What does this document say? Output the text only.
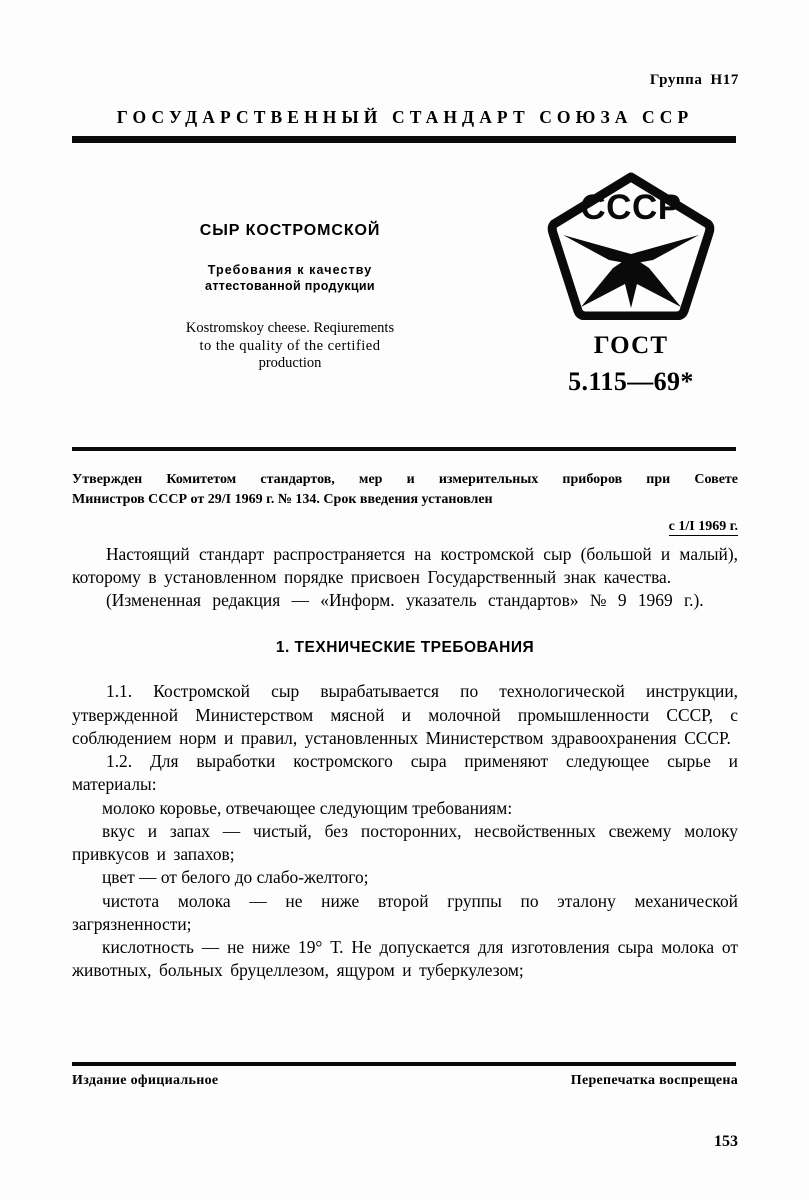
Группа H17
ГОСУДАРСТВЕННЫЙ СТАНДАРТ СОЮЗА ССР
СЫР КОСТРОМСКОЙ
Требования к качеству
аттестованной продукции
Kostromskoy cheese. Reqiurements
to the quality of the certified
production
СССР
ГОСТ
5.115—69*
Утвержден Комитетом стандартов, мер и измерительных приборов при Совете
Министров СССР от 29/I 1969 г. № 134. Срок введения установлен
с 1/I 1969 г.

Настоящий стандарт распространяется на костромской сыр (большой и малый), которому в установленном порядке присвоен Государственный знак качества.

(Измененная редакция — «Информ. указатель стандартов» № 9 1969 г.).

1. ТЕХНИЧЕСКИЕ ТРЕБОВАНИЯ

1.1. Костромской сыр вырабатывается по технологической инструкции, утвержденной Министерством мясной и молочной промышленности СССР, с соблюдением норм и правил, установленных Министерством здравоохранения СССР.

1.2. Для выработки костромского сыра применяют следующее сырье и материалы:

молоко коровье, отвечающее следующим требованиям:

вкус и запах — чистый, без посторонних, несвойственных свежему молоку привкусов и запахов;

цвет — от белого до слабо-желтого;

чистота молока — не ниже второй группы по эталону механической загрязненности;

кислотность — не ниже 19° Т. Не допускается для изготовления сыра молока от животных, больных бруцеллезом, ящуром и туберкулезом;

Издание официальное	Перепечатка воспрещена
153
